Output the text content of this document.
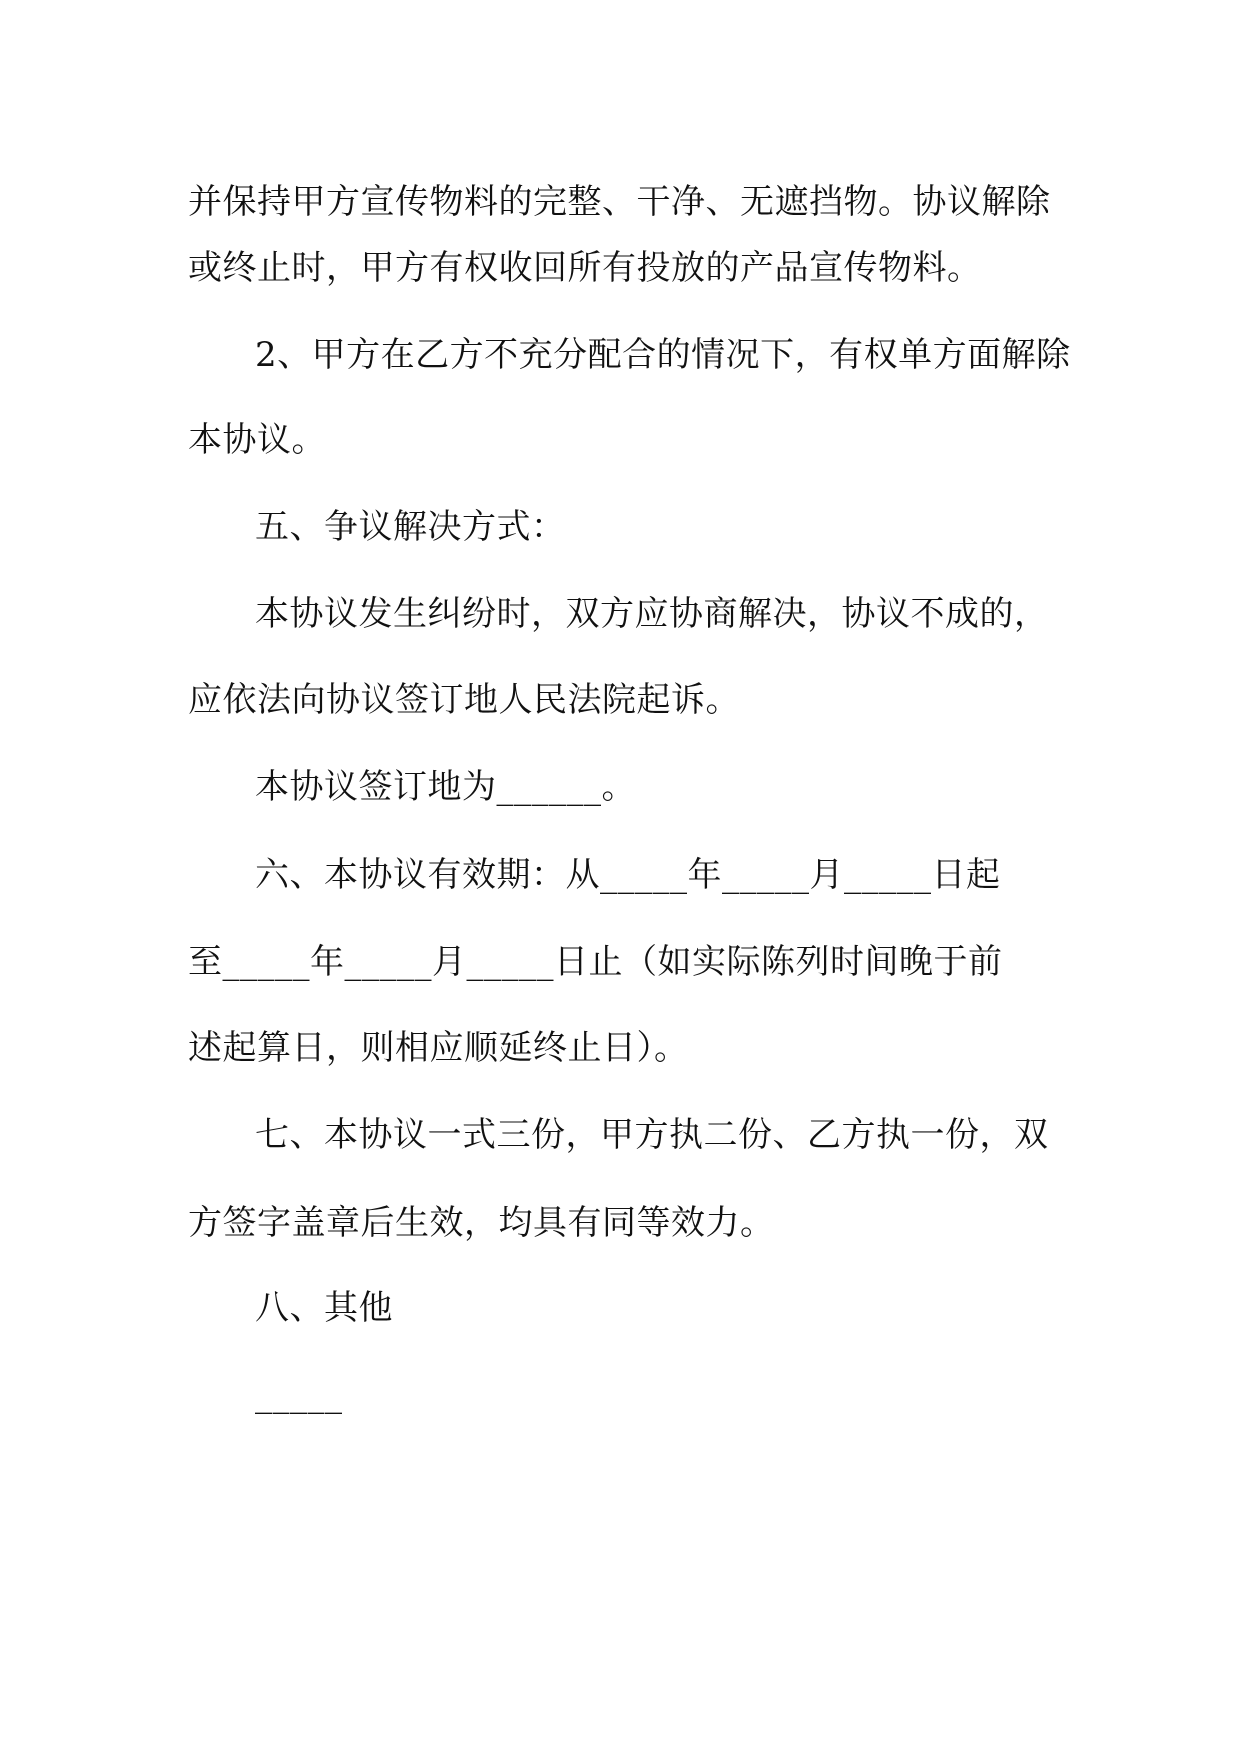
并保持甲方宣传物料的完整、干净、无遮挡物。协议解除
或终止时，甲方有权收回所有投放的产品宣传物料。
2、甲方在乙方不充分配合的情况下，有权单方面解除
本协议。
五、争议解决方式：
本协议发生纠纷时，双方应协商解决，协议不成的，
应依法向协议签订地人民法院起诉。
本协议签订地为______。
六、本协议有效期：从_____年_____月_____日起
至_____年_____月_____日止（如实际陈列时间晚于前
述起算日，则相应顺延终止日）。
七、本协议一式三份，甲方执二份、乙方执一份，双
方签字盖章后生效，均具有同等效力。
八、其他
_____
